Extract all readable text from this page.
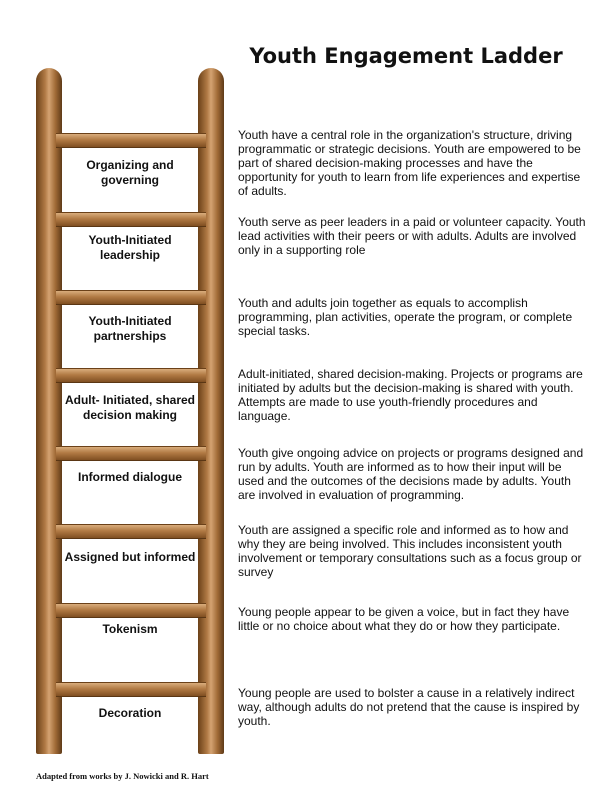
Youth Engagement Ladder
Organizing and governing
Youth-Initiated leadership
Youth-Initiated partnerships
Adult- Initiated, shared decision making
Informed dialogue
Assigned but informed
Tokenism
Decoration
Youth have a central role in the organization's structure, driving programmatic or strategic decisions. Youth are empowered to be part of shared decision-making processes and have the opportunity for youth to learn from life experiences and expertise of adults.
Youth serve as peer leaders in a paid or volunteer capacity. Youth lead activities with their peers or with adults. Adults are involved only in a supporting role
Youth and adults join together as equals to accomplish programming, plan activities, operate the program, or complete special tasks.
Adult-initiated, shared decision-making. Projects or programs are initiated by adults but the decision-making is shared with youth. Attempts are made to use youth-friendly procedures and language.
Youth give ongoing advice on projects or programs designed and run by adults. Youth are informed as to how their input will be used and the outcomes of the decisions made by adults. Youth are involved in evaluation of programming.
Youth are assigned a specific role and informed as to how and why they are being involved. This includes inconsistent youth involvement or temporary consultations such as a focus group or survey
Young people appear to be given a voice, but in fact they have little or no choice about what they do or how they participate.
Young people are used to bolster a cause in a relatively indirect way, although adults do not pretend that the cause is inspired by youth.
Adapted from works by J. Nowicki and R. Hart
